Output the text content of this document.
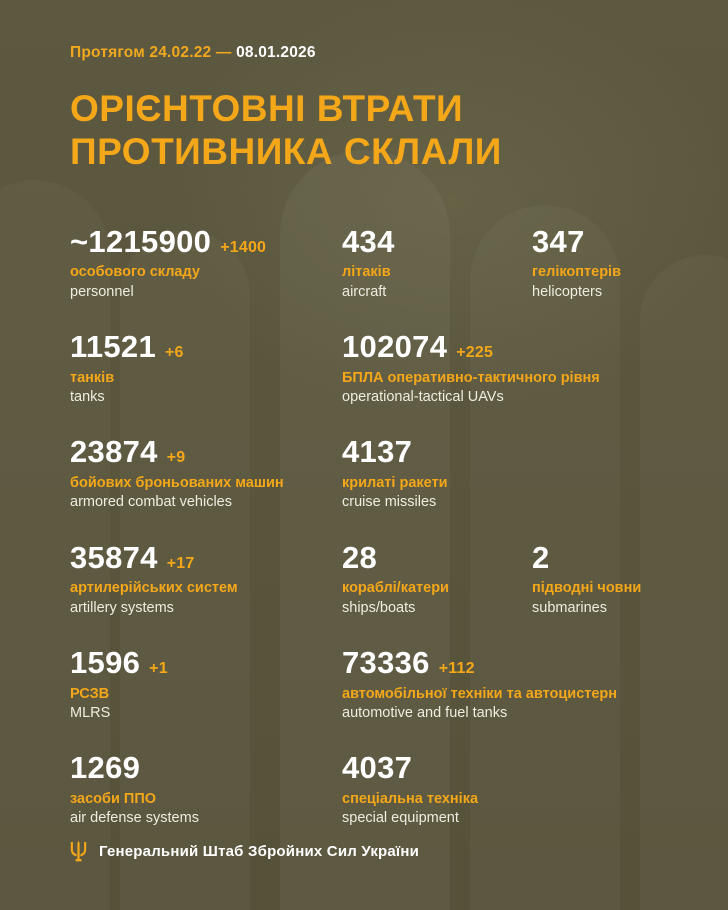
Протягом 24.02.22 — 08.01.2026
ОРІЄНТОВНІ ВТРАТИ
ПРОТИВНИКА СКЛАЛИ
~1215900 +1400
особового складу
personnel
434
літаків
aircraft
347
гелікоптерів
helicopters
11521 +6
танків
tanks
102074 +225
БПЛА оперативно-тактичного рівня
operational-tactical UAVs
23874 +9
бойових броньованих машин
armored combat vehicles
4137
крилаті ракети
cruise missiles
35874 +17
артилерійських систем
artillery systems
28
кораблі/катери
ships/boats
2
підводні човни
submarines
1596 +1
РСЗВ
MLRS
73336 +112
автомобільної техніки та автоцистерн
automotive and fuel tanks
1269
засоби ППО
air defense systems
4037
спеціальна техніка
special equipment
Генеральний Штаб Збройних Сил України
